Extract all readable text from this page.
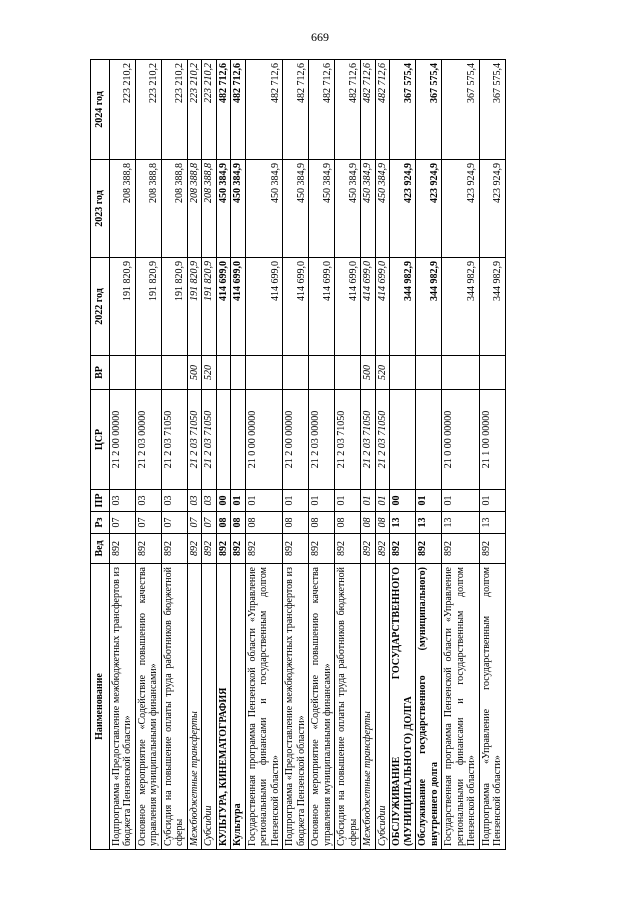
669
Наименование	Вед	Рз	ПР	ЦСР	ВР	2022 год	2023 год	2024 год
Подпрограмма «Предоставление межбюджетных трансфертов из бюджета Пензенской области»	892	07	03	21 2 00 00000		191 820,9	208 388,8	223 210,2
Основное мероприятие «Содействие повышению качества управления муниципальными финансами»	892	07	03	21 2 03 00000		191 820,9	208 388,8	223 210,2
Субсидия на повышение оплаты труда работников бюджетной сферы	892	07	03	21 2 03 71050		191 820,9	208 388,8	223 210,2
Межбюджетные трансферты	892	07	03	21 2 03 71050	500	191 820,9	208 388,8	223 210,2
Субсидии	892	07	03	21 2 03 71050	520	191 820,9	208 388,8	223 210,2
КУЛЬТУРА, КИНЕМАТОГРАФИЯ	892	08	00			414 699,0	450 384,9	482 712,6
Культура	892	08	01			414 699,0	450 384,9	482 712,6
Государственная программа Пензенской области «Управление региональными финансами и государственным долгом Пензенской области»	892	08	01	21 0 00 00000		414 699,0	450 384,9	482 712,6
Подпрограмма «Предоставление межбюджетных трансфертов из бюджета Пензенской области»	892	08	01	21 2 00 00000		414 699,0	450 384,9	482 712,6
Основное мероприятие «Содействие повышению качества управления муниципальными финансами»	892	08	01	21 2 03 00000		414 699,0	450 384,9	482 712,6
Субсидия на повышение оплаты труда работников бюджетной сферы	892	08	01	21 2 03 71050		414 699,0	450 384,9	482 712,6
Межбюджетные трансферты	892	08	01	21 2 03 71050	500	414 699,0	450 384,9	482 712,6
Субсидии	892	08	01	21 2 03 71050	520	414 699,0	450 384,9	482 712,6
ОБСЛУЖИВАНИЕ ГОСУДАРСТВЕННОГО (МУНИЦИПАЛЬНОГО) ДОЛГА	892	13	00			344 982,9	423 924,9	367 575,4
Обслуживание государственного (муниципального) внутреннего долга	892	13	01			344 982,9	423 924,9	367 575,4
Государственная программа Пензенской области «Управление региональными финансами и государственным долгом Пензенской области»	892	13	01	21 0 00 00000		344 982,9	423 924,9	367 575,4
Подпрограмма «Управление государственным долгом Пензенской области»	892	13	01	21 1 00 00000		344 982,9	423 924,9	367 575,4
